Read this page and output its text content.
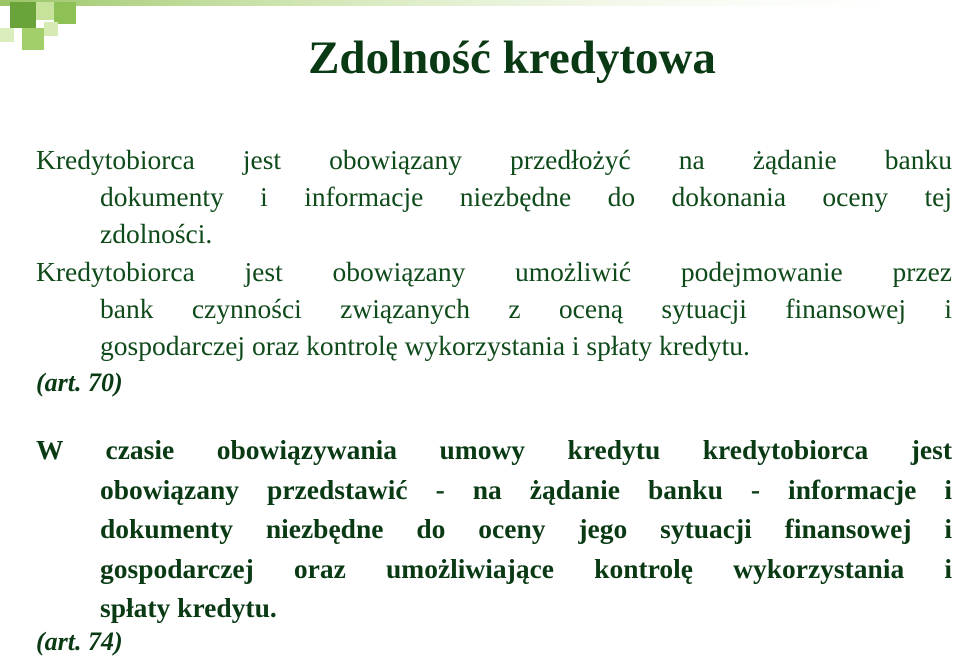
Zdolność kredytowa
Kredytobiorca jest obowiązany przedłożyć na żądanie banku
dokumenty i informacje niezbędne do dokonania oceny tej
zdolności.
Kredytobiorca jest obowiązany umożliwić podejmowanie przez
bank czynności związanych z oceną sytuacji finansowej i
gospodarczej oraz kontrolę wykorzystania i spłaty kredytu.
(art. 70)
W czasie obowiązywania umowy kredytu kredytobiorca jest
obowiązany przedstawić - na żądanie banku - informacje i
dokumenty niezbędne do oceny jego sytuacji finansowej i
gospodarczej oraz umożliwiające kontrolę wykorzystania i
spłaty kredytu.
(art. 74)
